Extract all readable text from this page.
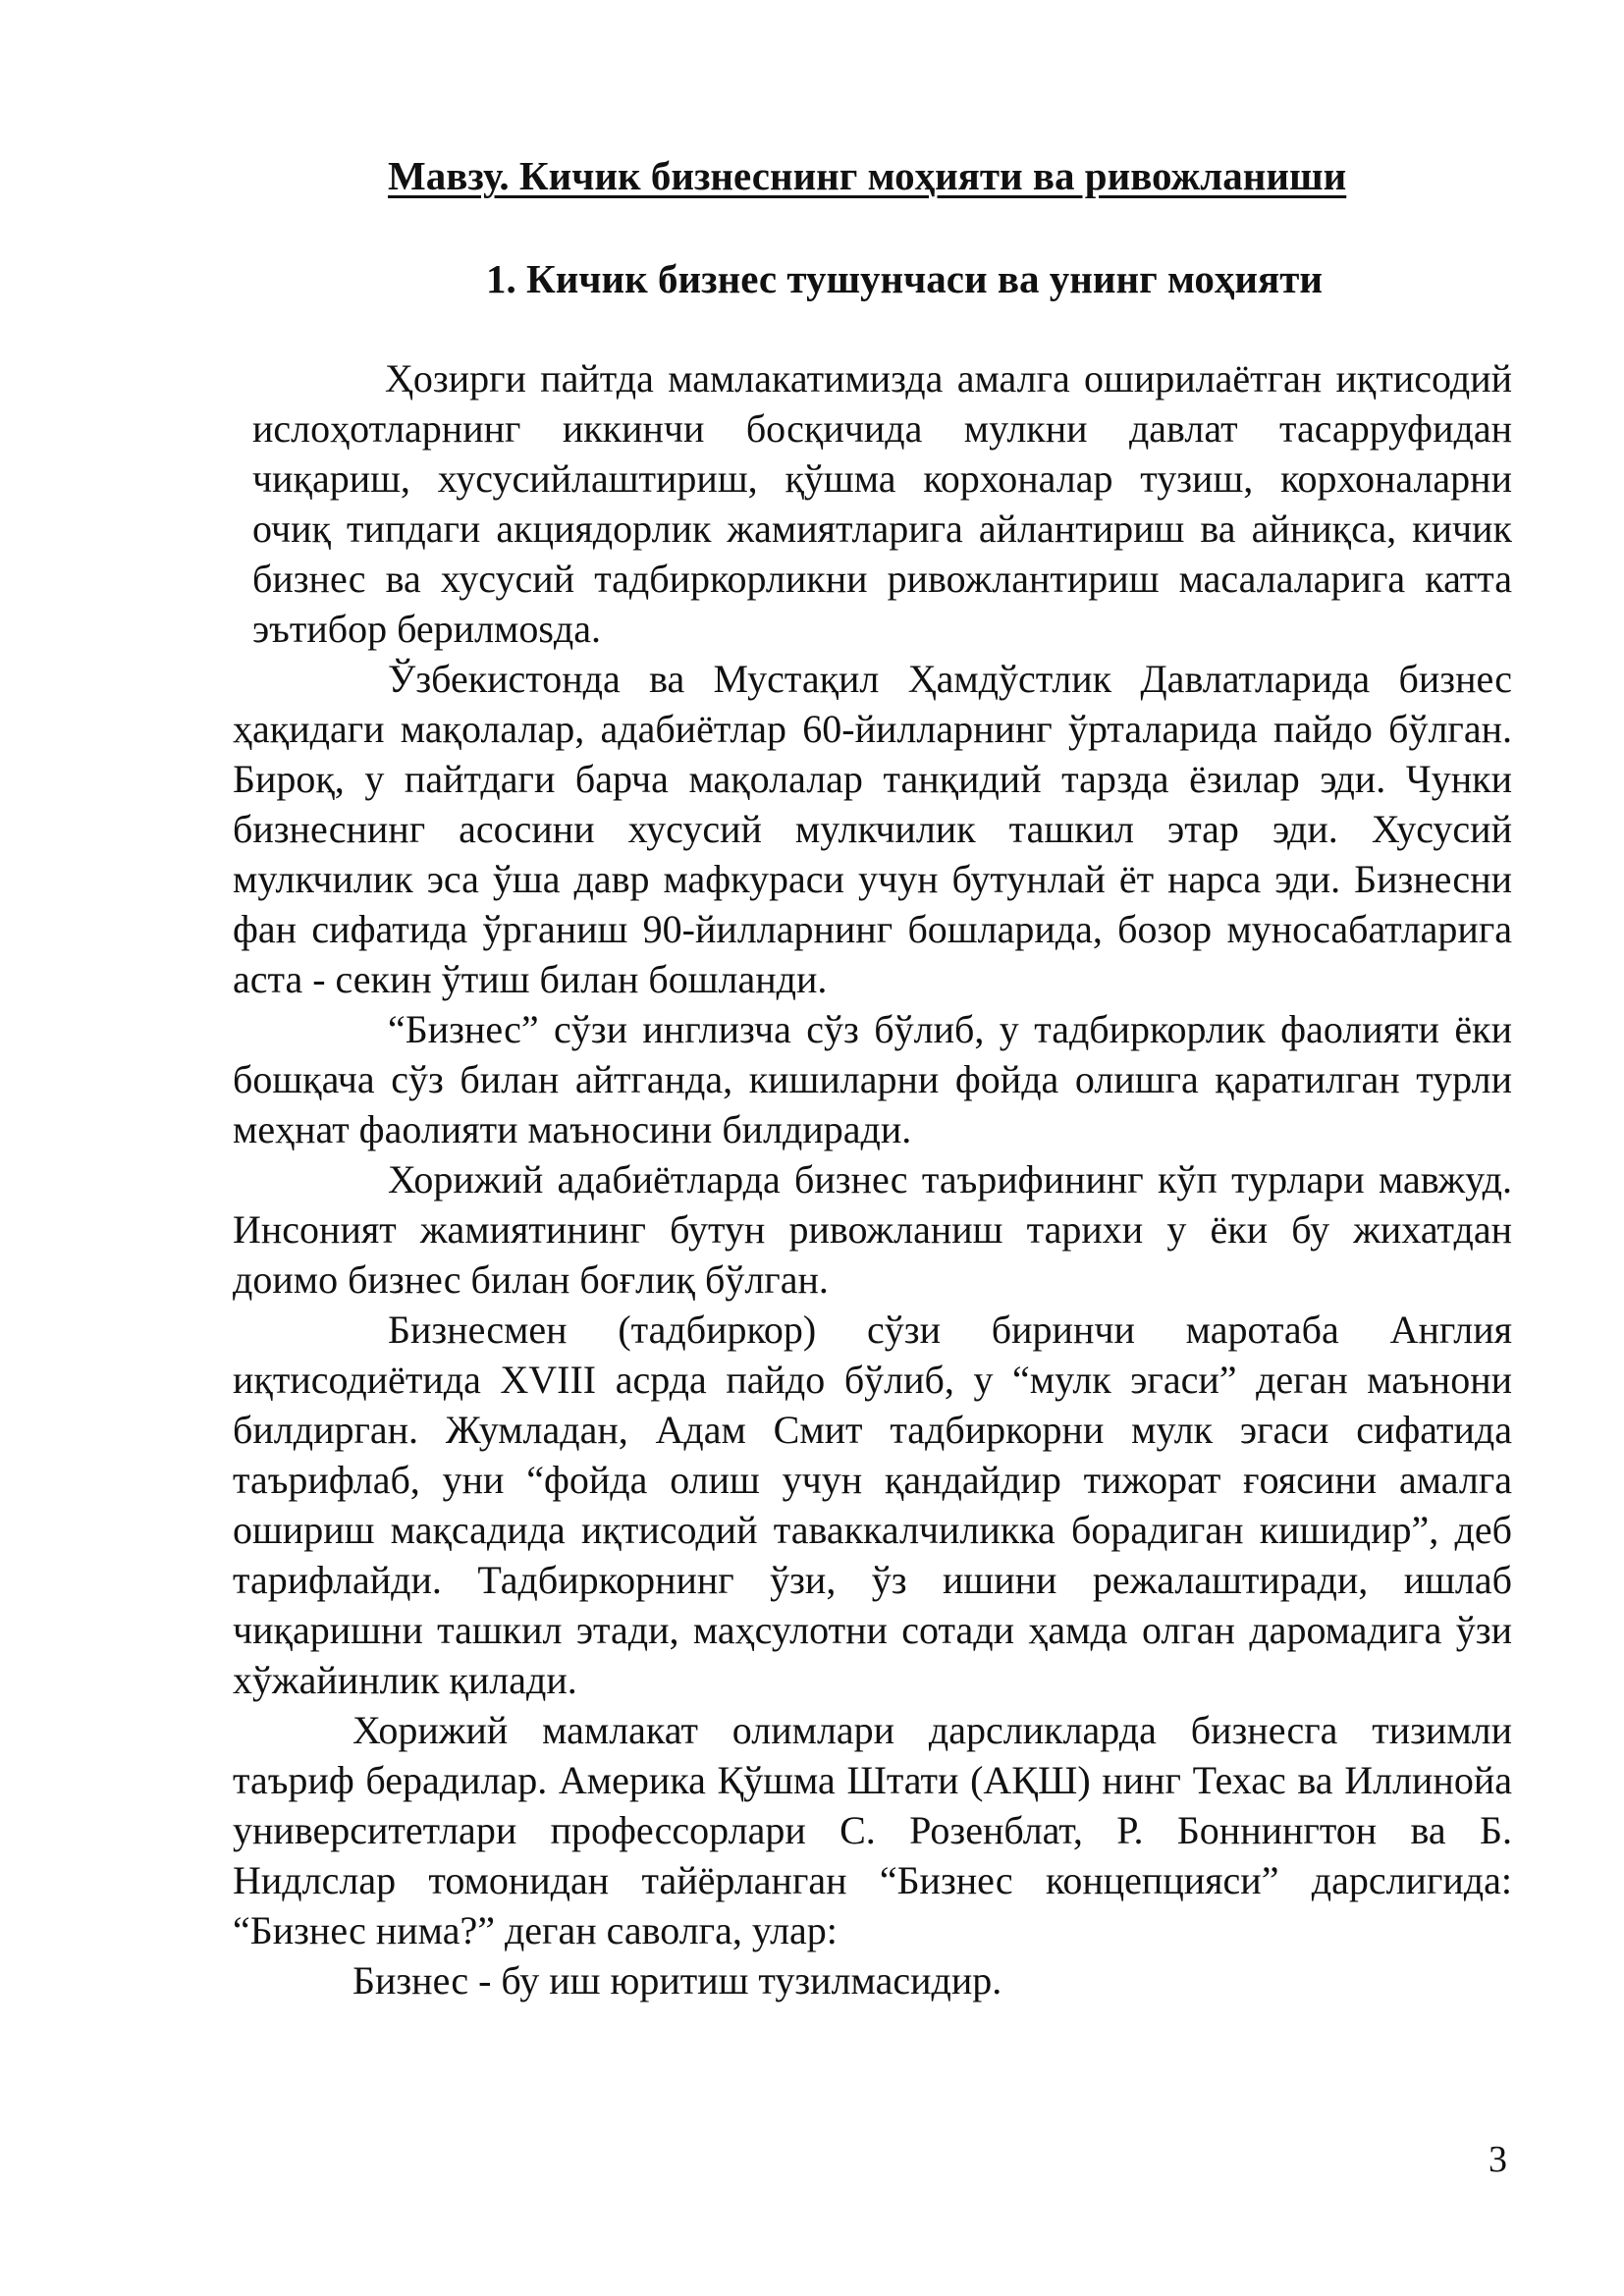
Мавзу. Кичик бизнеснинг моҳияти ва ривожланиши
1. Кичик бизнес тушунчаси ва унинг моҳияти

Ҳозирги пайтда мамлакатимизда амалга оширилаётган иқтисодий ислоҳотларнинг иккинчи босқичида мулкни давлат тасарруфидан чиқариш, хусусийлаштириш, қўшма корхоналар тузиш, корхоналарни очиқ типдаги акциядорлик жамиятларига айлантириш ва айниқса, кичик бизнес ва хусусий тадбиркорликни ривожлантириш масалаларига катта эътибор берилмоsда.

Ўзбекистонда ва Мустақил Ҳамдўстлик Давлатларида бизнес ҳақидаги мақолалар, адабиётлар 60-йилларнинг ўрталарида пайдо бўлган. Бироқ, у пайтдаги барча мақолалар танқидий тарзда ёзилар эди. Чунки бизнеснинг асосини хусусий мулкчилик ташкил этар эди. Хусусий мулкчилик эса ўша давр мафкураси учун бутунлай ёт нарса эди. Бизнесни фан сифатида ўрганиш 90-йилларнинг бошларида, бозор муносабатларига аста - секин ўтиш билан бошланди.

“Бизнес” сўзи инглизча сўз бўлиб, у тадбиркорлик фаолияти ёки бошқача сўз билан айтганда, кишиларни фойда олишга қаратилган турли меҳнат фаолияти маъносини билдиради.

Хорижий адабиётларда бизнес таърифининг кўп турлари мавжуд. Инсоният жамиятининг бутун ривожланиш тарихи у ёки бу жихатдан доимо бизнес билан боғлиқ бўлган.

Бизнесмен (тадбиркор) сўзи биринчи маротаба Англия иқтисодиётида XVIII асрда пайдо бўлиб, у “мулк эгаси” деган маънони билдирган. Жумладан, Адам Смит тадбиркорни мулк эгаси сифатида таърифлаб, уни “фойда олиш учун қандайдир тижорат ғоясини амалга ошириш мақсадида иқтисодий таваккалчиликка борадиган кишидир”, деб тарифлайди. Тадбиркорнинг ўзи, ўз ишини режалаштиради, ишлаб чиқаришни ташкил этади, маҳсулотни сотади ҳамда олган даромадига ўзи хўжайинлик қилади.

Хорижий мамлакат олимлари дарсликларда бизнесга тизимли таъриф берадилар. Америка Қўшма Штати (АҚШ) нинг Техас ва Иллинойа университетлари профессорлари С. Розенблат, Р. Боннингтон ва Б. Нидлслар томонидан тайёрланган “Бизнес концепцияси” дарслигида: “Бизнес нима?” деган саволга, улар:

Бизнес - бу иш юритиш тузилмасидир.

3
